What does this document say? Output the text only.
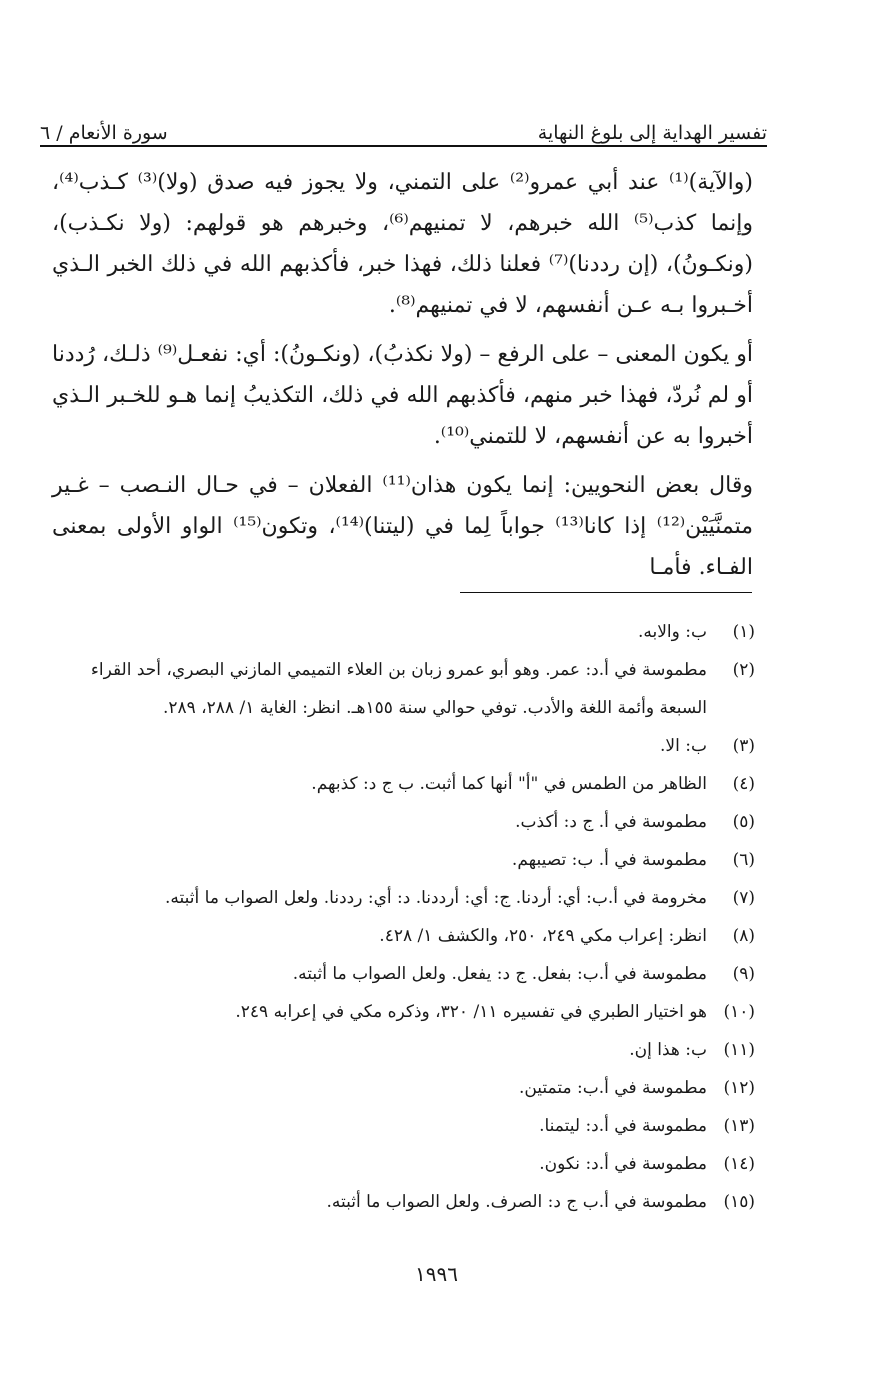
تفسير الهداية إلى بلوغ النهاية
سورة الأنعام / ٦

(والآية)⁽¹⁾ عند أبي عمرو⁽²⁾ على التمني، ولا يجوز فيه صدق (ولا)⁽³⁾ كـذب⁽⁴⁾، وإنما كذب⁽⁵⁾ الله خبرهم، لا تمنيهم⁽⁶⁾، وخبرهم هو قولهم: (ولا نكـذب)، (ونكـونُ)، (إن رددنا)⁽⁷⁾ فعلنا ذلك، فهذا خبر، فأكذبهم الله في ذلك الخبر الـذي أخـبروا بـه عـن أنفسهم، لا في تمنيهم⁽⁸⁾.

أو يكون المعنى – على الرفع – (ولا نكذبُ)، (ونكـونُ): أي: نفعـل⁽⁹⁾ ذلـك، رُددنا أو لم نُردّ، فهذا خبر منهم، فأكذبهم الله في ذلك، التكذيبُ إنما هـو للخـبر الـذي أخبروا به عن أنفسهم، لا للتمني⁽¹⁰⁾.

وقال بعض النحويين: إنما يكون هذان⁽¹¹⁾ الفعلان – في حـال النـصب – غـير متمنَّيَيْن⁽¹²⁾ إذا كانا⁽¹³⁾ جواباً لِما في (ليتنا)⁽¹⁴⁾، وتكون⁽¹⁵⁾ الواو الأولى بمعنى الفـاء. فأمـا

(١)
ب: والابه.
(٢)
مطموسة في أ.د: عمر. وهو أبو عمرو زبان بن العلاء التميمي المازني البصري، أحد القراء السبعة وأئمة اللغة والأدب. توفي حوالي سنة ١٥٥هـ. انظر: الغاية ١/ ٢٨٨، ٢٨٩.
(٣)
ب: الا.
(٤)
الظاهر من الطمس في "أ" أنها كما أثبت. ب ج د: كذبهم.
(٥)
مطموسة في أ. ج د: أكذب.
(٦)
مطموسة في أ. ب: تصيبهم.
(٧)
مخرومة في أ.ب: أي: أردنا. ج: أي: أرددنا. د: أي: رددنا. ولعل الصواب ما أثبته.
(٨)
انظر: إعراب مكي ٢٤٩، ٢٥٠، والكشف ١/ ٤٢٨.
(٩)
مطموسة في أ.ب: بفعل. ج د: يفعل. ولعل الصواب ما أثبته.
(١٠)
هو اختيار الطبري في تفسيره ١١/ ٣٢٠، وذكره مكي في إعرابه ٢٤٩.
(١١)
ب: هذا إن.
(١٢)
مطموسة في أ.ب: متمتين.
(١٣)
مطموسة في أ.د: ليتمنا.
(١٤)
مطموسة في أ.د: نكون.
(١٥)
مطموسة في أ.ب ج د: الصرف. ولعل الصواب ما أثبته.
١٩٩٦
